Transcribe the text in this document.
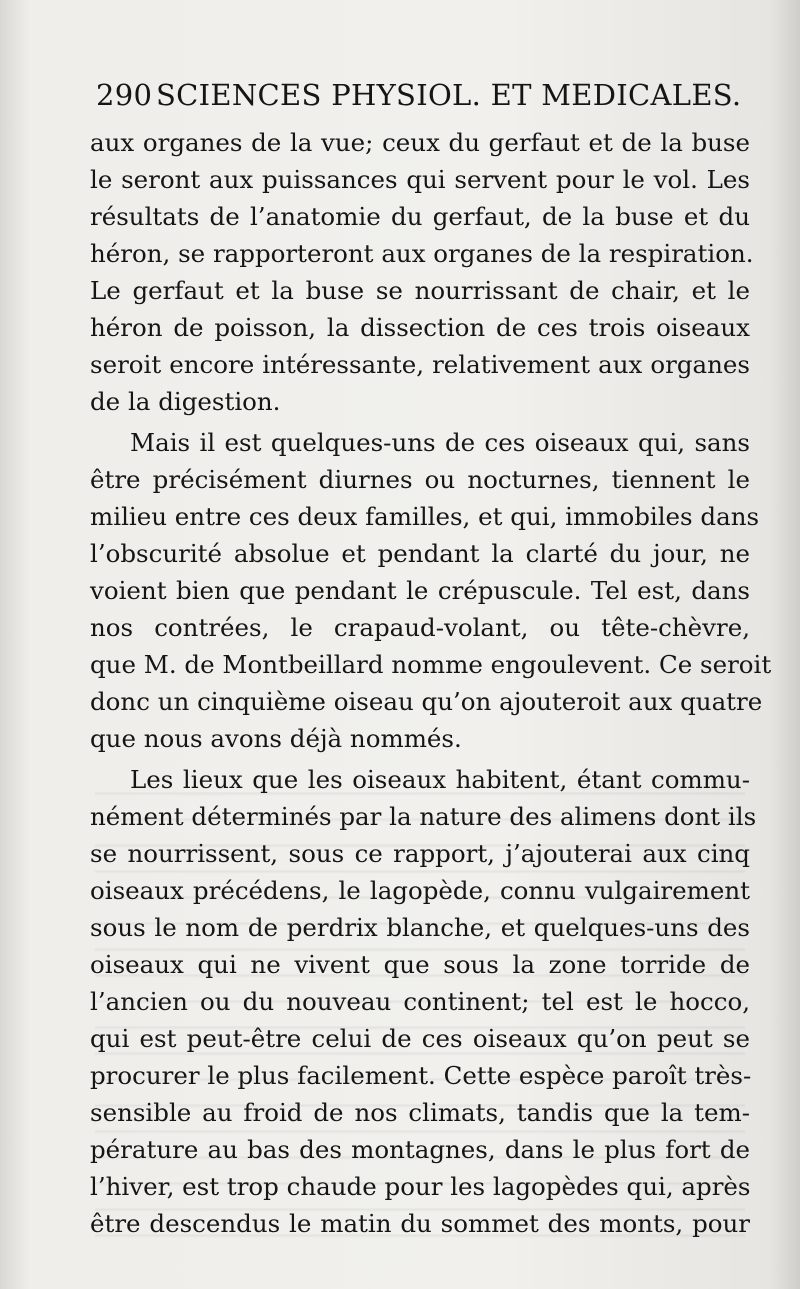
290 SCIENCES PHYSIOL. ET MEDICALES.
aux organes de la vue; ceux du gerfaut et de la buse
le seront aux puissances qui servent pour le vol. Les
résultats de l’anatomie du gerfaut, de la buse et du
héron, se rapporteront aux organes de la respiration.
Le gerfaut et la buse se nourrissant de chair, et le
héron de poisson, la dissection de ces trois oiseaux
seroit encore intéressante, relativement aux organes
de la digestion.
Mais il est quelques-uns de ces oiseaux qui, sans
être précisément diurnes ou nocturnes, tiennent le
milieu entre ces deux familles, et qui, immobiles dans
l’obscurité absolue et pendant la clarté du jour, ne
voient bien que pendant le crépuscule. Tel est, dans
nos contrées, le crapaud-volant, ou tête-chèvre,
que M. de Montbeillard nomme engoulevent. Ce seroit
donc un cinquième oiseau qu’on ajouteroit aux quatre
que nous avons déjà nommés.
Les lieux que les oiseaux habitent, étant commu-
nément déterminés par la nature des alimens dont ils
se nourrissent, sous ce rapport, j’ajouterai aux cinq
oiseaux précédens, le lagopède, connu vulgairement
sous le nom de perdrix blanche, et quelques-uns des
oiseaux qui ne vivent que sous la zone torride de
l’ancien ou du nouveau continent; tel est le hocco,
qui est peut-être celui de ces oiseaux qu’on peut se
procurer le plus facilement. Cette espèce paroît très-
sensible au froid de nos climats, tandis que la tem-
pérature au bas des montagnes, dans le plus fort de
l’hiver, est trop chaude pour les lagopèdes qui, après
être descendus le matin du sommet des monts, pour
